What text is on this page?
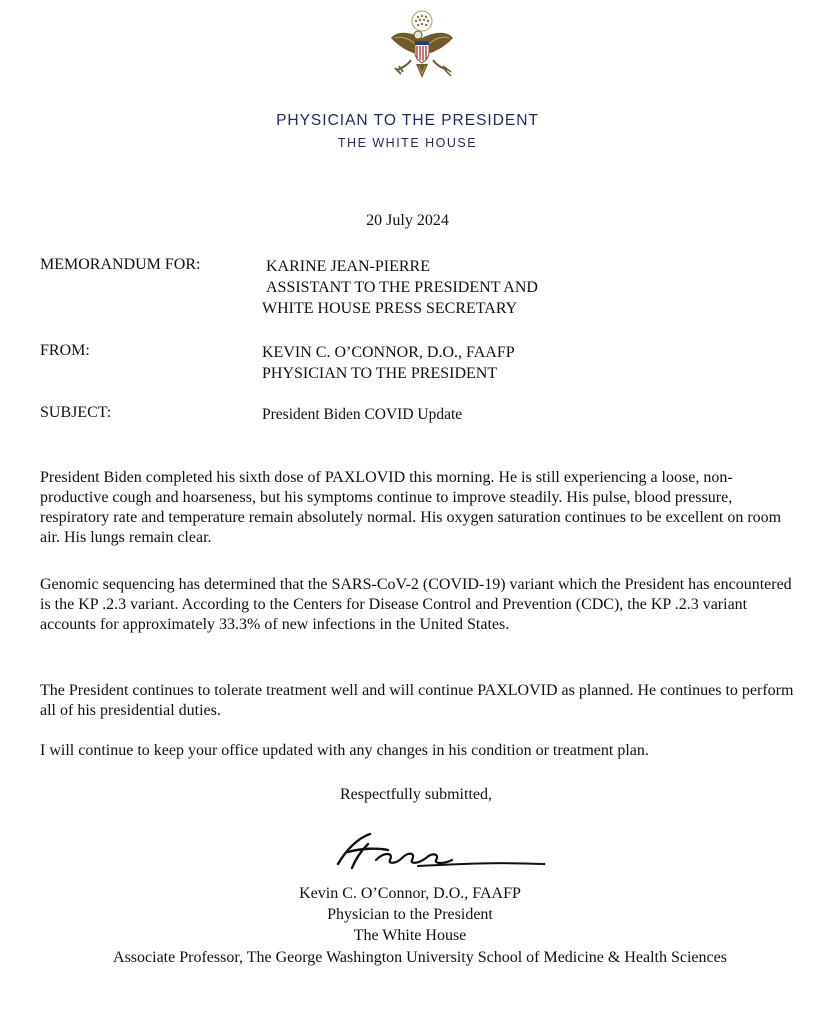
PHYSICIAN TO THE PRESIDENT
THE WHITE HOUSE
20 July 2024
MEMORANDUM FOR:	KARINE JEAN-PIERRE
ASSISTANT TO THE PRESIDENT AND
WHITE HOUSE PRESS SECRETARY
FROM:	KEVIN C. O’CONNOR, D.O., FAAFP
PHYSICIAN TO THE PRESIDENT
SUBJECT:	President Biden COVID Update
President Biden completed his sixth dose of PAXLOVID this morning. He is still experiencing a loose, non-productive cough and hoarseness, but his symptoms continue to improve steadily. His pulse, blood pressure, respiratory rate and temperature remain absolutely normal. His oxygen saturation continues to be excellent on room air. His lungs remain clear.
Genomic sequencing has determined that the SARS-CoV-2 (COVID-19) variant which the President has encountered is the KP .2.3 variant. According to the Centers for Disease Control and Prevention (CDC), the KP .2.3 variant accounts for approximately 33.3% of new infections in the United States.
The President continues to tolerate treatment well and will continue PAXLOVID as planned. He continues to perform all of his presidential duties.
I will continue to keep your office updated with any changes in his condition or treatment plan.
Respectfully submitted,
Kevin C. O’Connor, D.O., FAAFP
Physician to the President
The White House
Associate Professor, The George Washington University School of Medicine & Health Sciences
